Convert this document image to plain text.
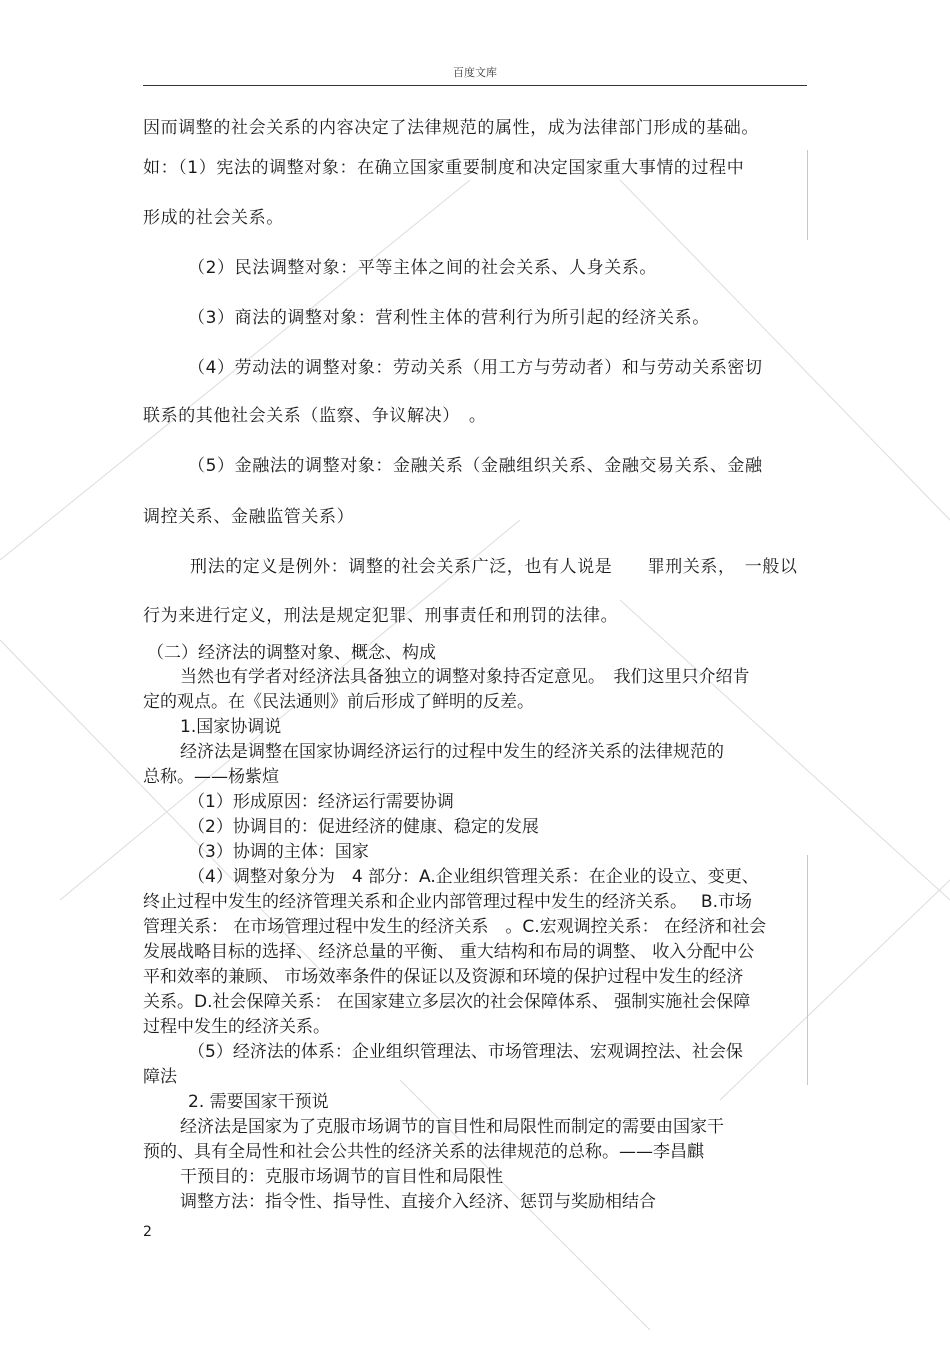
百度文库
因而调整的社会关系的内容决定了法律规范的属性，成为法律部门形成的基础。
如：（1）宪法的调整对象：在确立国家重要制度和决定国家重大事情的过程中
形成的社会关系。
（2）民法调整对象：平等主体之间的社会关系、人身关系。
（3）商法的调整对象：营利性主体的营利行为所引起的经济关系。
（4）劳动法的调整对象：劳动关系（用工方与劳动者）和与劳动关系密切
联系的其他社会关系（监察、争议解决）　。
（5）金融法的调整对象：金融关系（金融组织关系、金融交易关系、金融
调控关系、金融监管关系）
刑法的定义是例外：调整的社会关系广泛，也有人说是　　罪刑关系，　一般以
行为来进行定义，刑法是规定犯罪、刑事责任和刑罚的法律。
（二）经济法的调整对象、概念、构成
当然也有学者对经济法具备独立的调整对象持否定意见。　我们这里只介绍肯
定的观点。在《民法通则》前后形成了鲜明的反差。
1.国家协调说
经济法是调整在国家协调经济运行的过程中发生的经济关系的法律规范的
总称。——杨紫煊
（1）形成原因：经济运行需要协调
（2）协调目的：促进经济的健康、稳定的发展
（3）协调的主体：国家
（4）调整对象分为　4 部分：A.企业组织管理关系：在企业的设立、变更、
终止过程中发生的经济管理关系和企业内部管理过程中发生的经济关系。　 B.市场
管理关系： 在市场管理过程中发生的经济关系　。C.宏观调控关系： 在经济和社会
发展战略目标的选择、 经济总量的平衡、 重大结构和布局的调整、 收入分配中公
平和效率的兼顾、 市场效率条件的保证以及资源和环境的保护过程中发生的经济
关系。D.社会保障关系： 在国家建立多层次的社会保障体系、 强制实施社会保障
过程中发生的经济关系。
（5）经济法的体系：企业组织管理法、市场管理法、宏观调控法、社会保
障法
2. 需要国家干预说
经济法是国家为了克服市场调节的盲目性和局限性而制定的需要由国家干
预的、具有全局性和社会公共性的经济关系的法律规范的总称。——李昌麒
干预目的：克服市场调节的盲目性和局限性
调整方法：指令性、指导性、直接介入经济、惩罚与奖励相结合
2
